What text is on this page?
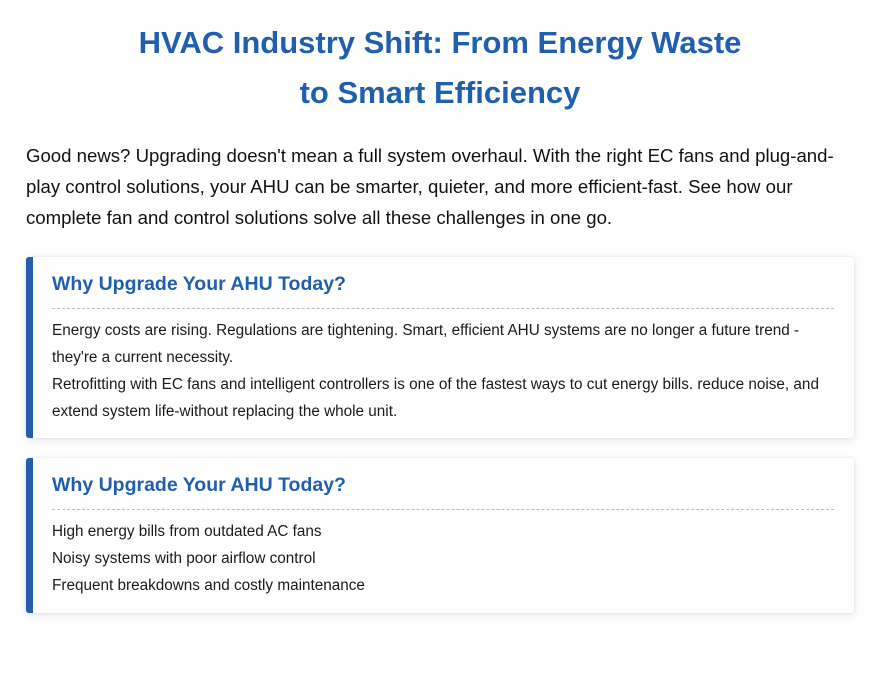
HVAC Industry Shift: From Energy Waste
to Smart Efficiency

Good news? Upgrading doesn't mean a full system overhaul. With the right EC fans and plug-and-play control solutions, your AHU can be smarter, quieter, and more efficient-fast. See how our complete fan and control solutions solve all these challenges in one go.

Why Upgrade Your AHU Today?

Energy costs are rising. Regulations are tightening. Smart, efficient AHU systems are no longer a future trend - they're a current necessity.

Retrofitting with EC fans and intelligent controllers is one of the fastest ways to cut energy bills. reduce noise, and extend system life-without replacing the whole unit.

Why Upgrade Your AHU Today?
High energy bills from outdated AC fans
Noisy systems with poor airflow control
Frequent breakdowns and costly maintenance
